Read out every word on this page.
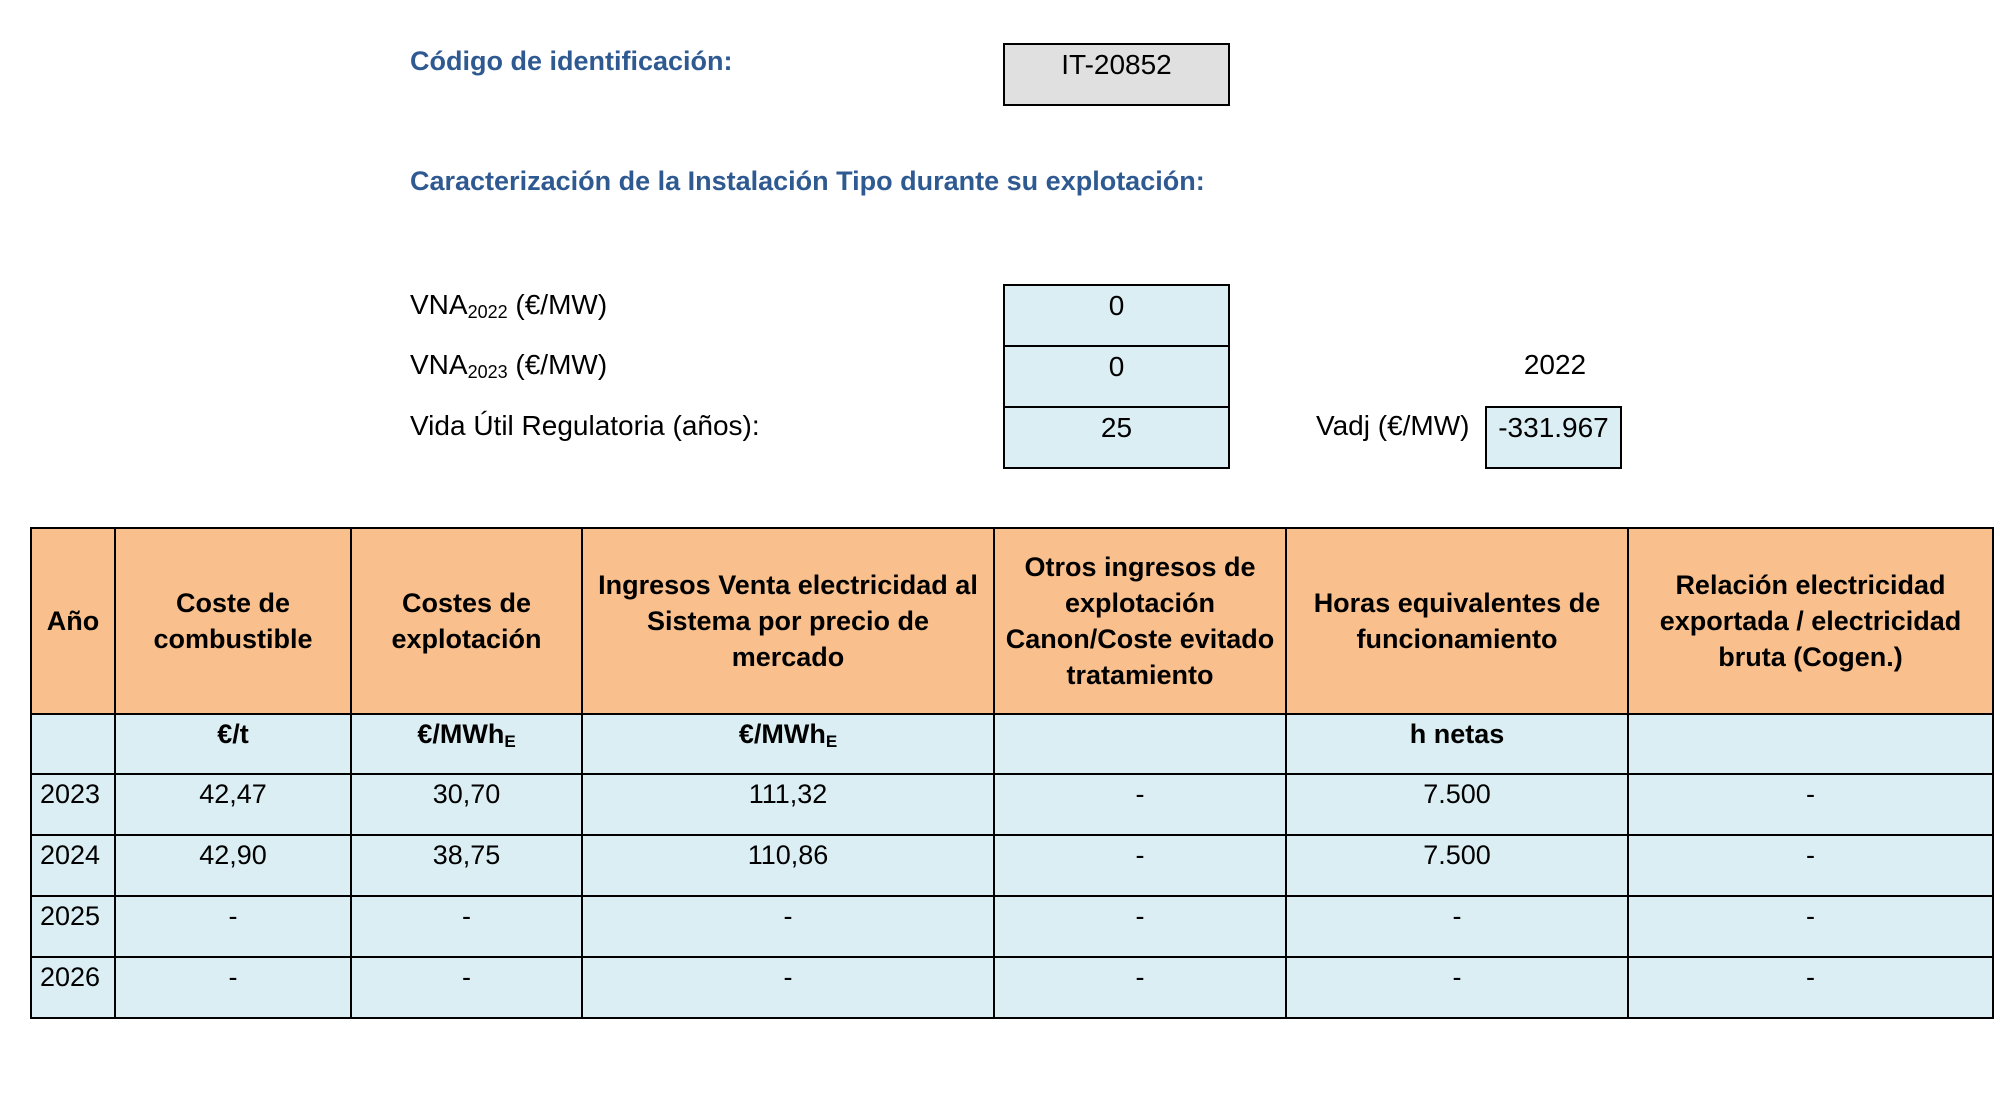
Código de identificación:	IT-20852
Caracterización de la Instalación Tipo durante su explotación:
$VNA_{2022}$ (€/MW)	0
$VNA_{2023}$ (€/MW)	0	2022
Vida Útil Regulatoria (años):	25	Vadj (€/MW)	-331.967
Año	Coste de combustible	Costes de explotación	Ingresos Venta electricidad al Sistema por precio de mercado	Otros ingresos de explotación Canon/Coste evitado tratamiento	Horas equivalentes de funcionamiento	Relación electricidad exportada / electricidad bruta (Cogen.)
	€/t	€/MWhE	€/MWhE		h netas	
2023	42,47	30,70	111,32	-	7.500	-
2024	42,90	38,75	110,86	-	7.500	-
2025	-	-	-	-	-	-
2026	-	-	-	-	-	-
